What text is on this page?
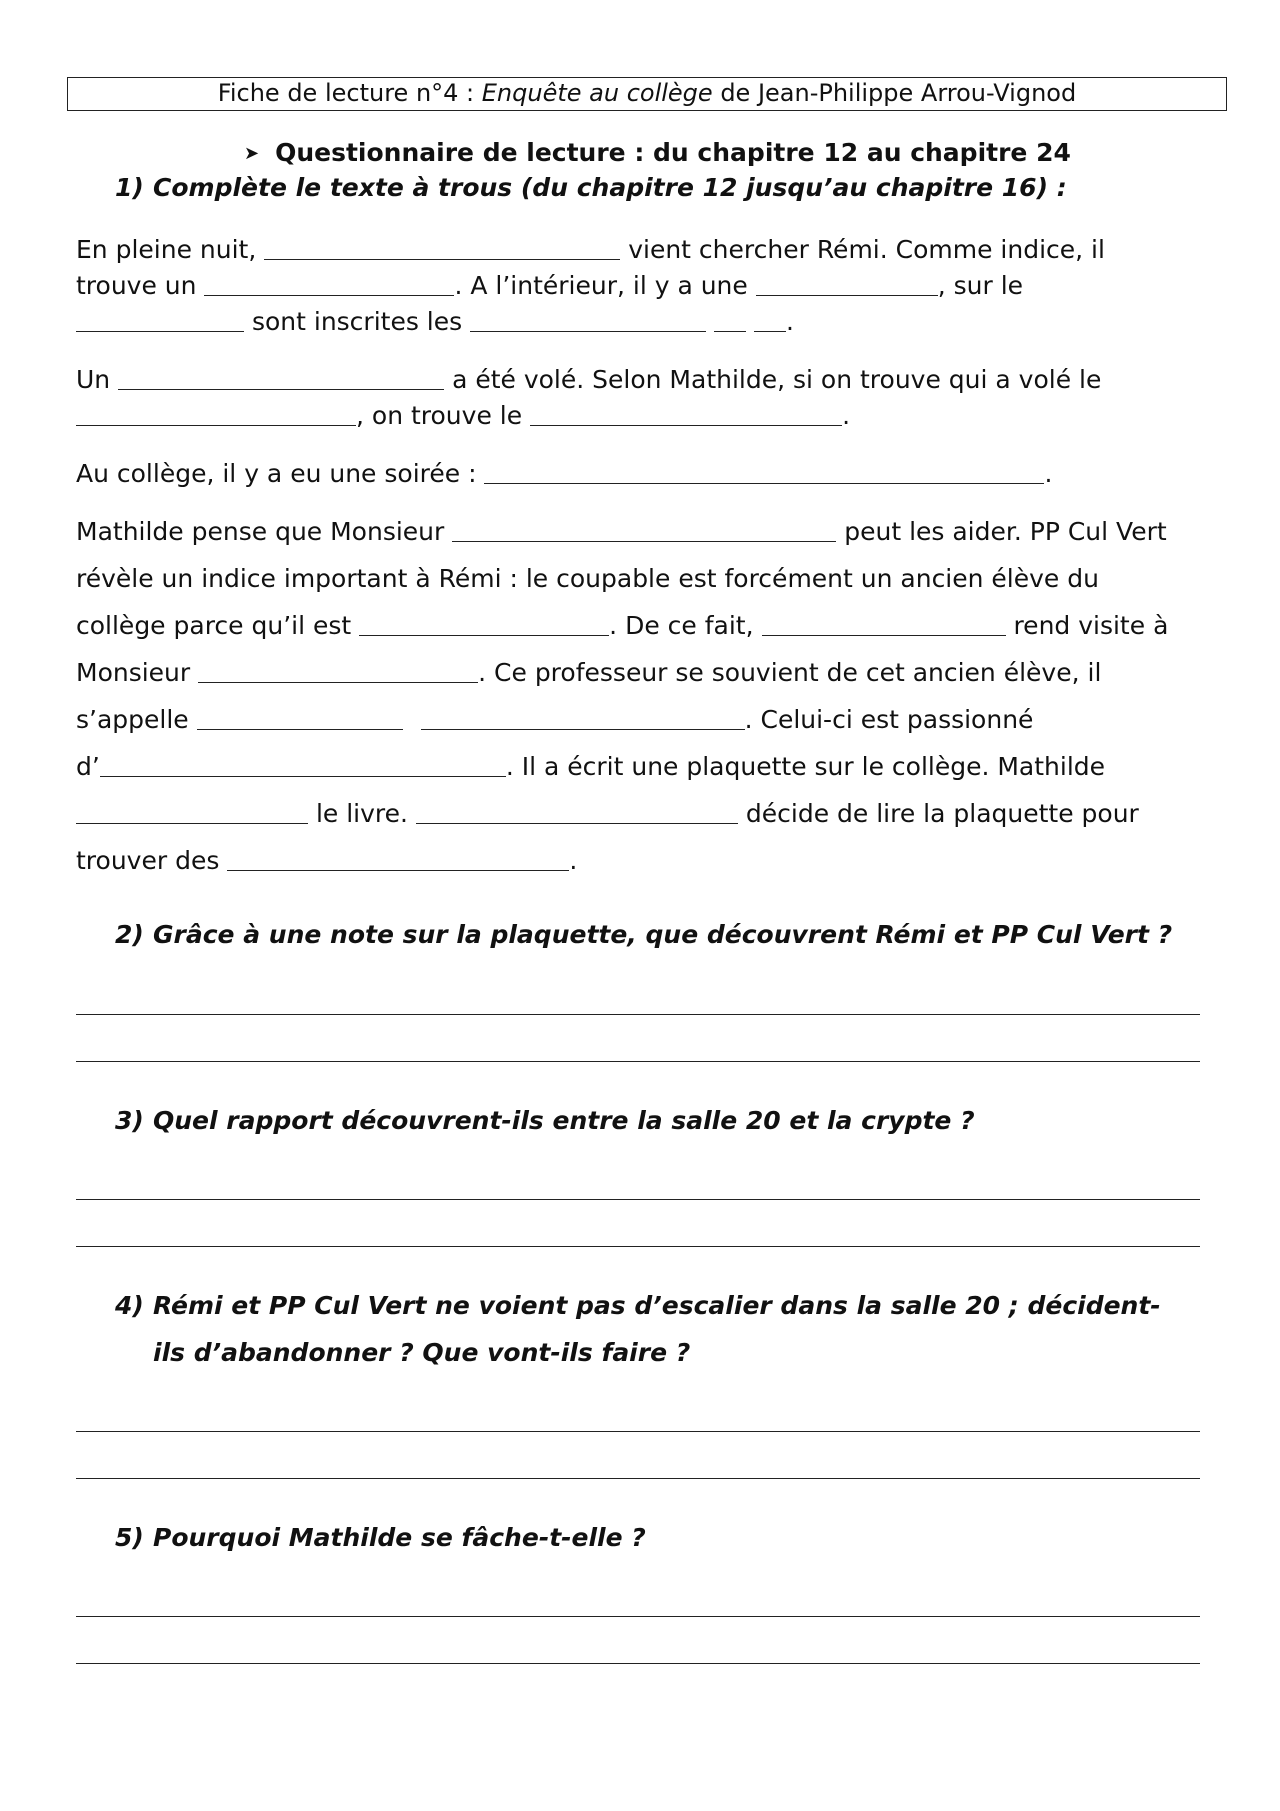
Fiche de lecture n°4 : Enquête au collège de Jean-Philippe Arrou-Vignod
➤ Questionnaire de lecture : du chapitre 12 au chapitre 24
1) Complète le texte à trous (du chapitre 12 jusqu’au chapitre 16) :
En pleine nuit,	vient chercher Rémi. Comme indice, il
trouve un	. A l’intérieur, il y a une	, sur le
sont inscrites les	.
Un	a été volé. Selon Mathilde, si on trouve qui a volé le
, on trouve le	.
Au collège, il y a eu une soirée :	.
Mathilde pense que Monsieur	peut les aider. PP Cul Vert
révèle un indice important à Rémi : le coupable est forcément un ancien élève du
collège parce qu’il est	. De ce fait,	rend visite à
Monsieur	. Ce professeur se souvient de cet ancien élève, il
s’appelle	. Celui-ci est passionné
d’	. Il a écrit une plaquette sur le collège. Mathilde
le livre.	décide de lire la plaquette pour
trouver des	.
2) Grâce à une note sur la plaquette, que découvrent Rémi et PP Cul Vert ?
3) Quel rapport découvrent-ils entre la salle 20 et la crypte ?
4) Rémi et PP Cul Vert ne voient pas d’escalier dans la salle 20 ; décident-
ils d’abandonner ? Que vont-ils faire ?
5) Pourquoi Mathilde se fâche-t-elle ?
